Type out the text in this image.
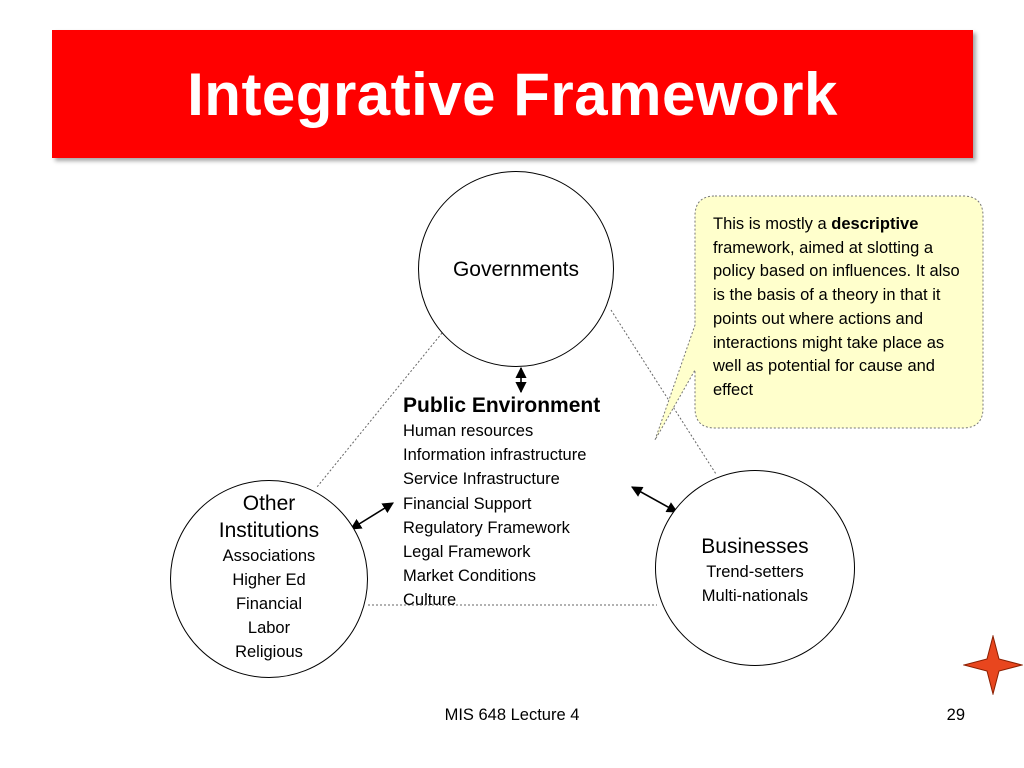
Integrative Framework
Governments
Other
Institutions
Associations
Higher Ed
Financial
Labor
Religious
Businesses
Trend-setters
Multi-nationals
Public Environment
Human resources
Information infrastructure
Service Infrastructure
Financial Support
Regulatory Framework
Legal Framework
Market Conditions
Culture
This is mostly a descriptive framework, aimed at slotting a policy based on influences. It also is the basis of a theory in that it points out where actions and interactions might take place as well as potential for cause and effect
MIS 648 Lecture 4	29
